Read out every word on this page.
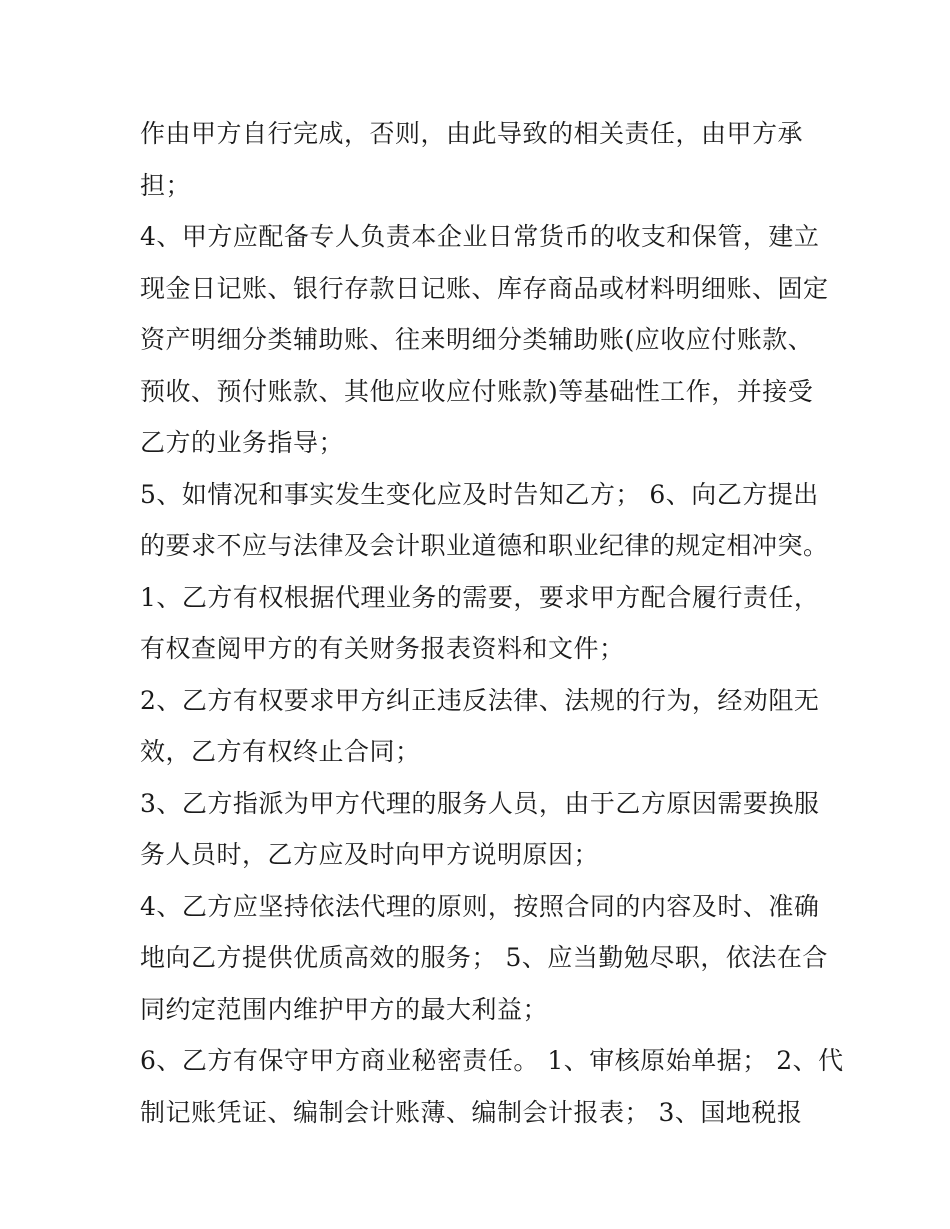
作由甲方自行完成，否则，由此导致的相关责任，由甲方承
担；
4、甲方应配备专人负责本企业日常货币的收支和保管，建立
现金日记账、银行存款日记账、库存商品或材料明细账、固定
资产明细分类辅助账、往来明细分类辅助账(应收应付账款、
预收、预付账款、其他应收应付账款)等基础性工作，并接受
乙方的业务指导；
5、如情况和事实发生变化应及时告知乙方； 6、向乙方提出
的要求不应与法律及会计职业道德和职业纪律的规定相冲突。
1、乙方有权根据代理业务的需要，要求甲方配合履行责任，
有权查阅甲方的有关财务报表资料和文件；
2、乙方有权要求甲方纠正违反法律、法规的行为，经劝阻无
效，乙方有权终止合同；
3、乙方指派为甲方代理的服务人员，由于乙方原因需要换服
务人员时，乙方应及时向甲方说明原因；
4、乙方应坚持依法代理的原则，按照合同的内容及时、准确
地向乙方提供优质高效的服务； 5、应当勤勉尽职，依法在合
同约定范围内维护甲方的最大利益；
6、乙方有保守甲方商业秘密责任。 1、审核原始单据； 2、代
制记账凭证、编制会计账薄、编制会计报表； 3、国地税报
